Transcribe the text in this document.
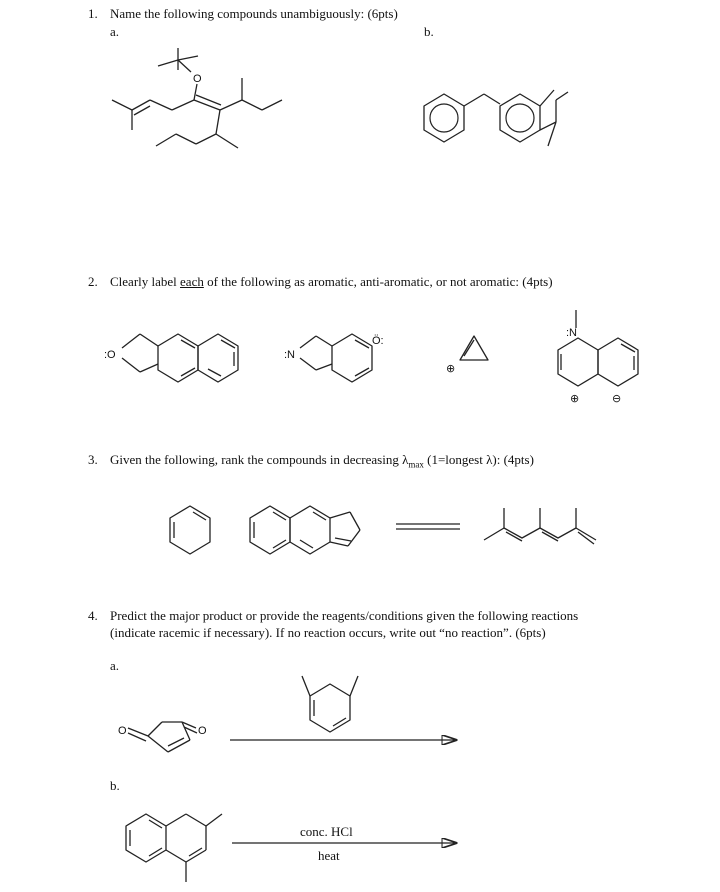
1. Name the following compounds unambiguously: (6pts)
a.	b.
2. Clearly label each of the following as aromatic, anti-aromatic, or not aromatic: (4pts)
3. Given the following, rank the compounds in decreasing $\lambda_{max}$ (1=longest λ): (4pts)
4. Predict the major product or provide the reagents/conditions given the following reactions
(indicate racemic if necessary). If no reaction occurs, write out “no reaction”. (6pts)
a.
b.
conc. HCl
heat
O
:O	:N
Ö:
⊕
:N
⊕	⊖
O	O
